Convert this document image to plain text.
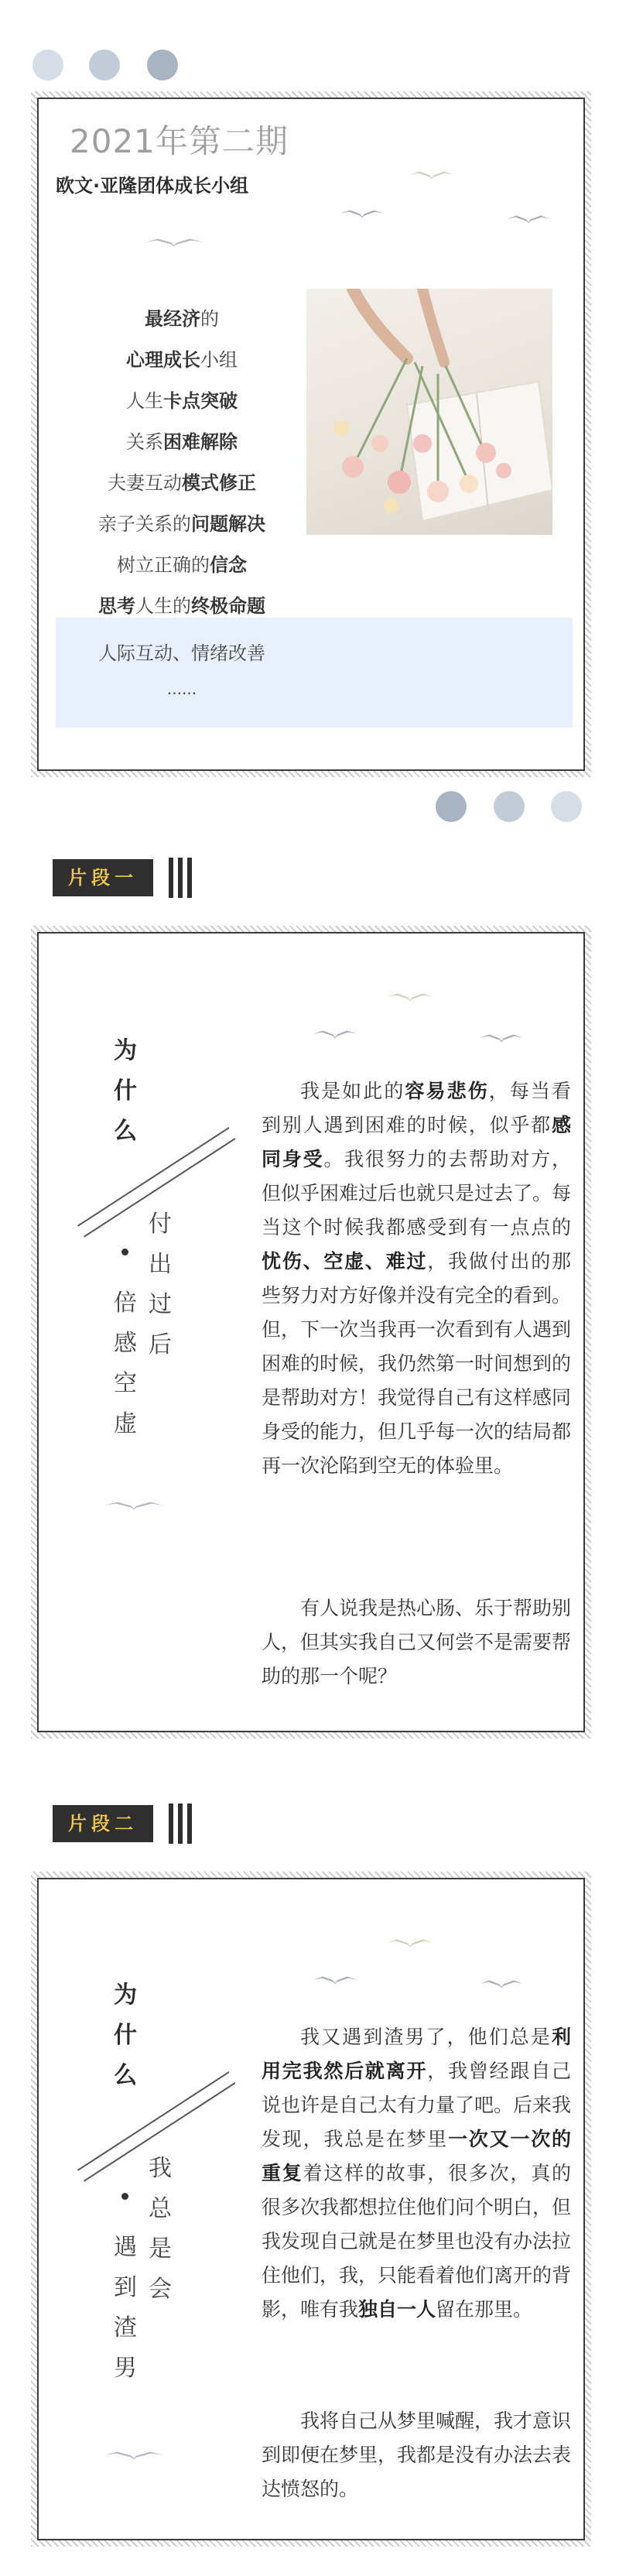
2021年第二期
欧文·亚隆团体成长小组
最经济的
心理成长小组
人生卡点突破
关系困难解除
夫妻互动模式修正
亲子关系的问题解决
树立正确的信念
思考人生的终极命题
人际互动、情绪改善
......
片段一
为
什
么
付
出
过
后
倍
感
空
虚

我是如此的容易悲伤，每当看到别人遇到困难的时候，似乎都感同身受。我很努力的去帮助对方，但似乎困难过后也就只是过去了。每当这个时候我都感受到有一点点的忧伤、空虚、难过，我做付出的那些努力对方好像并没有完全的看到。但，下一次当我再一次看到有人遇到困难的时候，我仍然第一时间想到的是帮助对方！我觉得自己有这样感同身受的能力，但几乎每一次的结局都再一次沦陷到空无的体验里。

有人说我是热心肠、乐于帮助别人，但其实我自己又何尝不是需要帮助的那一个呢？

片段二
为
什
么
我
总
是
会
遇
到
渣
男

我又遇到渣男了，他们总是利用完我然后就离开，我曾经跟自己说也许是自己太有力量了吧。后来我发现，我总是在梦里一次又一次的重复着这样的故事，很多次，真的很多次我都想拉住他们问个明白，但我发现自己就是在梦里也没有办法拉住他们，我，只能看着他们离开的背影，唯有我独自一人留在那里。

我将自己从梦里喊醒，我才意识到即便在梦里，我都是没有办法去表达愤怒的。
